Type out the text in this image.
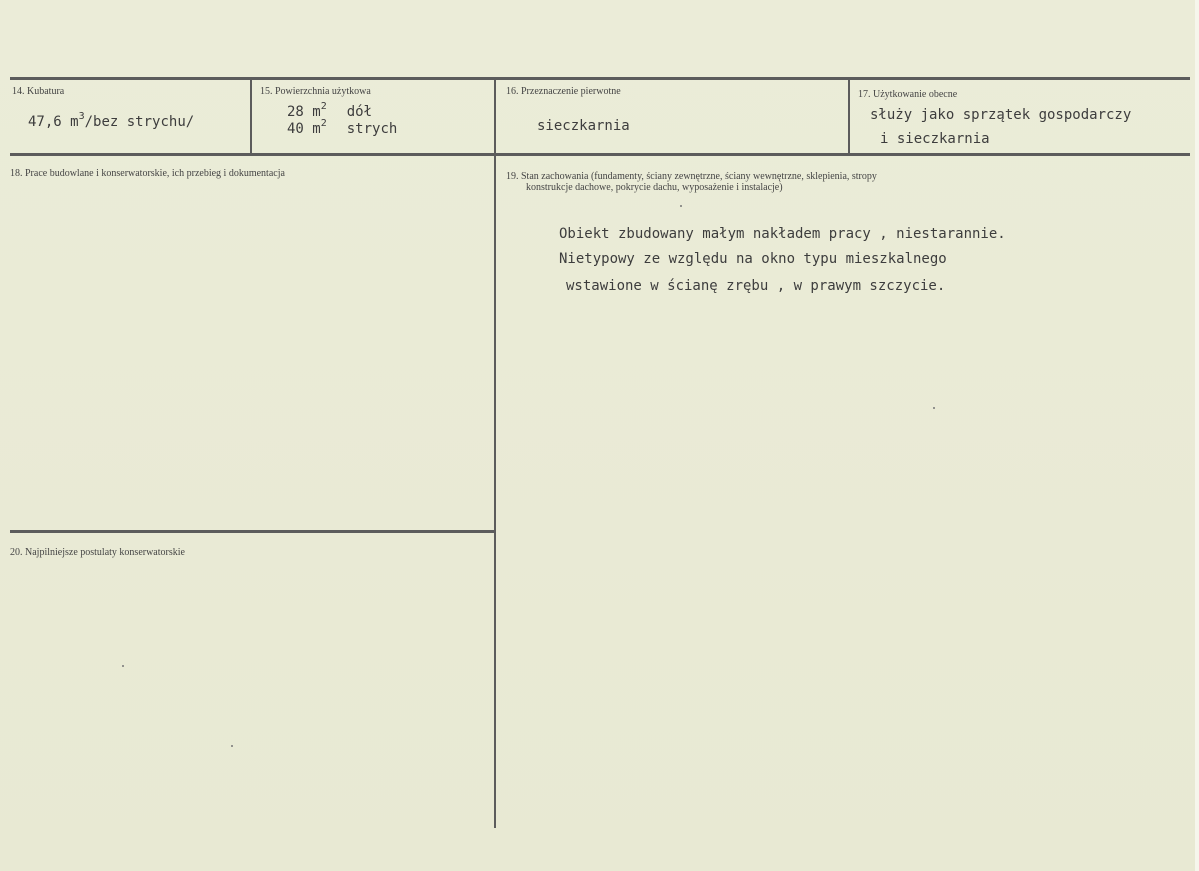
14. Kubatura
47,6 $m^3$/bez strychu/
15. Powierzchnia użytkowa
28 $m^2$ dół
40 $m^2$ strych
16. Przeznaczenie pierwotne
sieczkarnia
17. Użytkowanie obecne
służy jako sprzątek gospodarczy
i sieczkarnia
18. Prace budowlane i konserwatorskie, ich przebieg i dokumentacja	19. Stan zachowania (fundamenty, ściany zewnętrzne, ściany wewnętrzne, sklepienia, stropy
konstrukcje dachowe, pokrycie dachu, wyposażenie i instalacje)
Obiekt zbudowany małym nakładem pracy , niestarannie.
Nietypowy ze względu na okno typu mieszkalnego
wstawione w ścianę zrębu , w prawym szczycie.
20. Najpilniejsze postulaty konserwatorskie
